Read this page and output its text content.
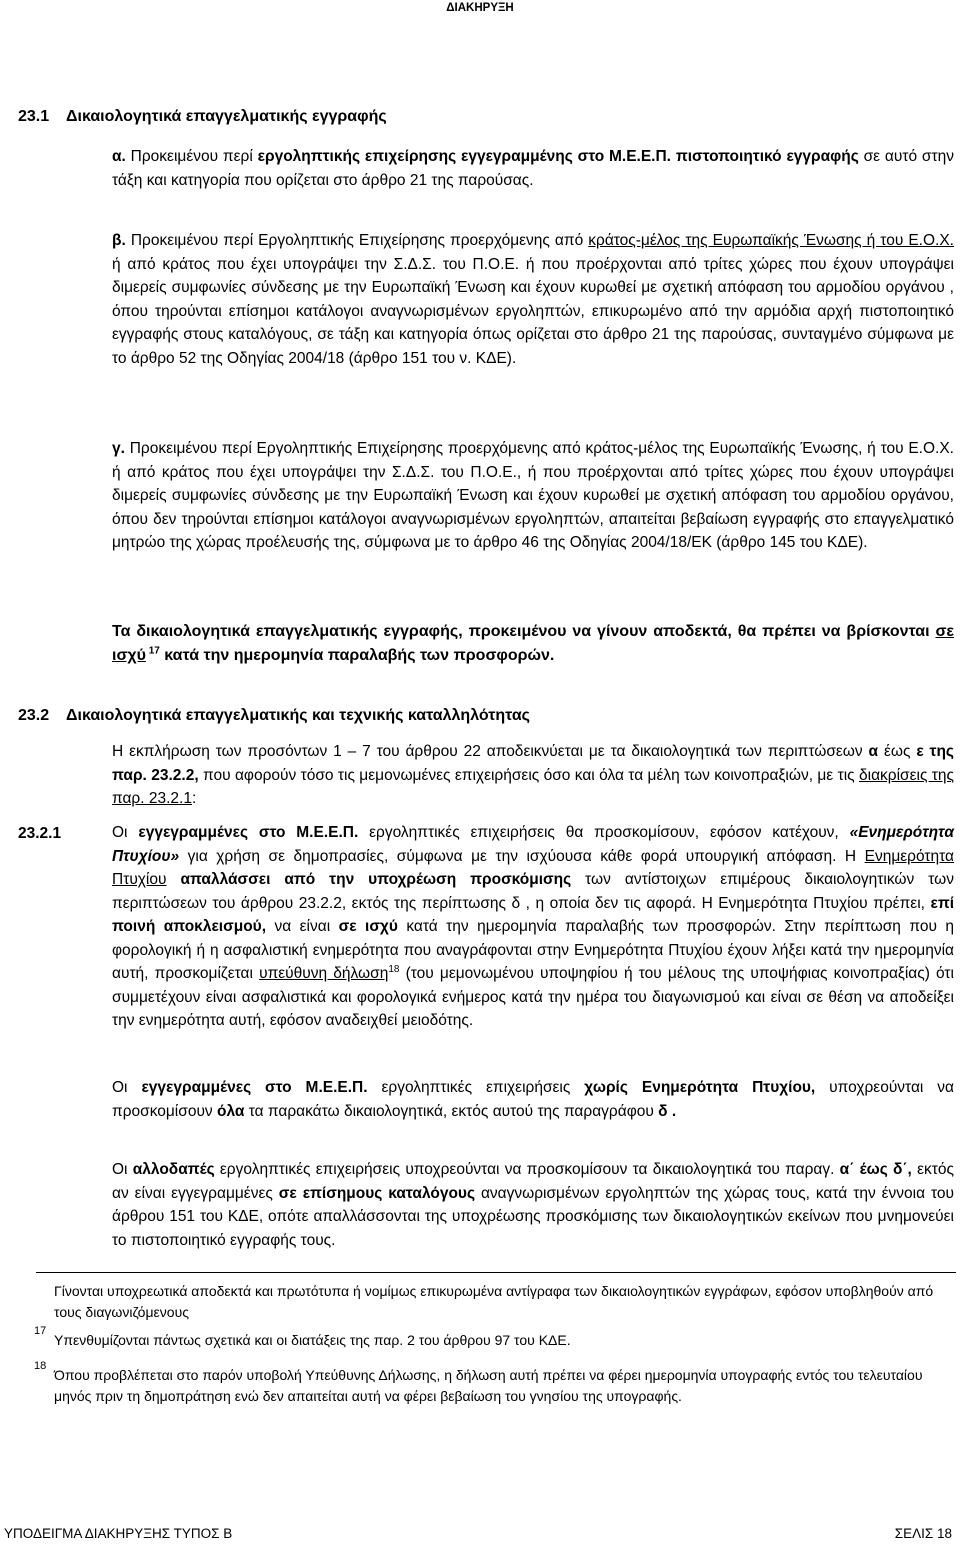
ΔΙΑΚΗΡΥΞΗ
23.1 Δικαιολογητικά επαγγελματικής εγγραφής
α. Προκειμένου περί εργοληπτικής επιχείρησης εγγεγραμμένης στο Μ.Ε.Ε.Π. πιστοποιητικό εγγραφής σε αυτό στην τάξη και κατηγορία που ορίζεται στο άρθρο 21 της παρούσας.
β. Προκειμένου περί Εργοληπτικής Επιχείρησης προερχόμενης από κράτος-μέλος της Ευρωπαϊκής Ένωσης ή του Ε.Ο.Χ. ή από κράτος που έχει υπογράψει την Σ.Δ.Σ. του Π.Ο.Ε. ή που προέρχονται από τρίτες χώρες που έχουν υπογράψει διμερείς συμφωνίες σύνδεσης με την Ευρωπαϊκή Ένωση και έχουν κυρωθεί με σχετική απόφαση του αρμοδίου οργάνου , όπου τηρούνται επίσημοι κατάλογοι αναγνωρισμένων εργοληπτών, επικυρωμένο από την αρμόδια αρχή πιστοποιητικό εγγραφής στους καταλόγους, σε τάξη και κατηγορία όπως ορίζεται στο άρθρο 21 της παρούσας, συνταγμένο σύμφωνα με το άρθρο 52 της Οδηγίας 2004/18 (άρθρο 151 του ν. ΚΔΕ).
γ. Προκειμένου περί Εργοληπτικής Επιχείρησης προερχόμενης από κράτος-μέλος της Ευρωπαϊκής Ένωσης, ή του Ε.Ο.Χ. ή από κράτος που έχει υπογράψει την Σ.Δ.Σ. του Π.Ο.Ε., ή που προέρχονται από τρίτες χώρες που έχουν υπογράψει διμερείς συμφωνίες σύνδεσης με την Ευρωπαϊκή Ένωση και έχουν κυρωθεί με σχετική απόφαση του αρμοδίου οργάνου, όπου δεν τηρούνται επίσημοι κατάλογοι αναγνωρισμένων εργοληπτών, απαιτείται βεβαίωση εγγραφής στο επαγγελματικό μητρώο της χώρας προέλευσής της, σύμφωνα με το άρθρο 46 της Οδηγίας 2004/18/ΕΚ (άρθρο 145 του ΚΔΕ).
Τα δικαιολογητικά επαγγελματικής εγγραφής, προκειμένου να γίνουν αποδεκτά, θα πρέπει να βρίσκονται σε ισχύ $^{17}$ κατά την ημερομηνία παραλαβής των προσφορών.
23.2 Δικαιολογητικά επαγγελματικής και τεχνικής καταλληλότητας
Η εκπλήρωση των προσόντων 1 – 7 του άρθρου 22 αποδεικνύεται με τα δικαιολογητικά των περιπτώσεων α έως ε της παρ. 23.2.2, που αφορούν τόσο τις μεμονωμένες επιχειρήσεις όσο και όλα τα μέλη των κοινοπραξιών, με τις διακρίσεις της παρ. 23.2.1:
23.2.1	Οι εγγεγραμμένες στο Μ.Ε.Ε.Π. εργοληπτικές επιχειρήσεις θα προσκομίσουν, εφόσον κατέχουν, «Ενημερότητα Πτυχίου» για χρήση σε δημοπρασίες, σύμφωνα με την ισχύουσα κάθε φορά υπουργική απόφαση. Η Ενημερότητα Πτυχίου απαλλάσσει από την υποχρέωση προσκόμισης των αντίστοιχων επιμέρους δικαιολογητικών των περιπτώσεων του άρθρου 23.2.2, εκτός της περίπτωσης δ , η οποία δεν τις αφορά. Η Ενημερότητα Πτυχίου πρέπει, επί ποινή αποκλεισμού, να είναι σε ισχύ κατά την ημερομηνία παραλαβής των προσφορών. Στην περίπτωση που η φορολογική ή η ασφαλιστική ενημερότητα που αναγράφονται στην Ενημερότητα Πτυχίου έχουν λήξει κατά την ημερομηνία αυτή, προσκομίζεται υπεύθυνη δήλωση$^{18}$ (του μεμονωμένου υποψηφίου ή του μέλους της υποψήφιας κοινοπραξίας) ότι συμμετέχουν είναι ασφαλιστικά και φορολογικά ενήμερος κατά την ημέρα του διαγωνισμού και είναι σε θέση να αποδείξει την ενημερότητα αυτή, εφόσον αναδειχθεί μειοδότης.
Οι εγγεγραμμένες στο Μ.Ε.Ε.Π. εργοληπτικές επιχειρήσεις χωρίς Ενημερότητα Πτυχίου, υποχρεούνται να προσκομίσουν όλα τα παρακάτω δικαιολογητικά, εκτός αυτού της παραγράφου δ .
Οι αλλοδαπές εργοληπτικές επιχειρήσεις υποχρεούνται να προσκομίσουν τα δικαιολογητικά του παραγ. α΄ έως δ΄, εκτός αν είναι εγγεγραμμένες σε επίσημους καταλόγους αναγνωρισμένων εργοληπτών της χώρας τους, κατά την έννοια του άρθρου 151 του ΚΔΕ, οπότε απαλλάσσονται της υποχρέωσης προσκόμισης των δικαιολογητικών εκείνων που μνημονεύει το πιστοποιητικό εγγραφής τους.
Γίνονται υποχρεωτικά αποδεκτά και πρωτότυπα ή νομίμως επικυρωμένα αντίγραφα των δικαιολογητικών εγγράφων, εφόσον υποβληθούν από τους διαγωνιζόμενους
17
Υπενθυμίζονται πάντως σχετικά και οι διατάξεις της παρ. 2 του άρθρου 97 του ΚΔΕ.
18
Όπου προβλέπεται στο παρόν υποβολή Υπεύθυνης Δήλωσης, η δήλωση αυτή πρέπει να φέρει ημερομηνία υπογραφής εντός του τελευταίου μηνός πριν τη δημοπράτηση ενώ δεν απαιτείται αυτή να φέρει βεβαίωση του γνησίου της υπογραφής.
ΥΠΟΔΕΙΓΜΑ ΔΙΑΚΗΡΥΞΗΣ ΤΥΠΟΣ Β	ΣΕΛΙΣ 18
